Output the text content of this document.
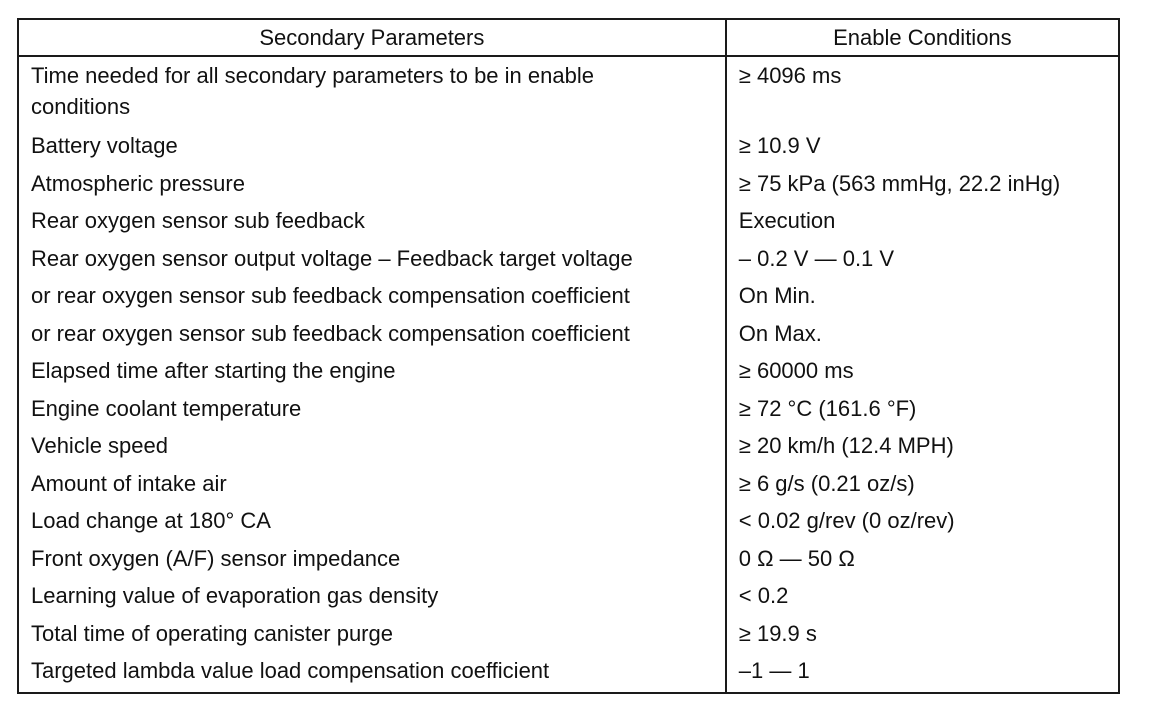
Secondary Parameters	Enable Conditions
Time needed for all secondary parameters to be in enable conditions	≥ 4096 ms
Battery voltage	≥ 10.9 V
Atmospheric pressure	≥ 75 kPa (563 mmHg, 22.2 inHg)
Rear oxygen sensor sub feedback	Execution
Rear oxygen sensor output voltage – Feedback target voltage	– 0.2 V — 0.1 V
or rear oxygen sensor sub feedback compensation coefficient	On Min.
or rear oxygen sensor sub feedback compensation coefficient	On Max.
Elapsed time after starting the engine	≥ 60000 ms
Engine coolant temperature	≥ 72 °C (161.6 °F)
Vehicle speed	≥ 20 km/h (12.4 MPH)
Amount of intake air	≥ 6 g/s (0.21 oz/s)
Load change at 180° CA	< 0.02 g/rev (0 oz/rev)
Front oxygen (A/F) sensor impedance	0 Ω — 50 Ω
Learning value of evaporation gas density	< 0.2
Total time of operating canister purge	≥ 19.9 s
Targeted lambda value load compensation coefficient	–1 — 1
